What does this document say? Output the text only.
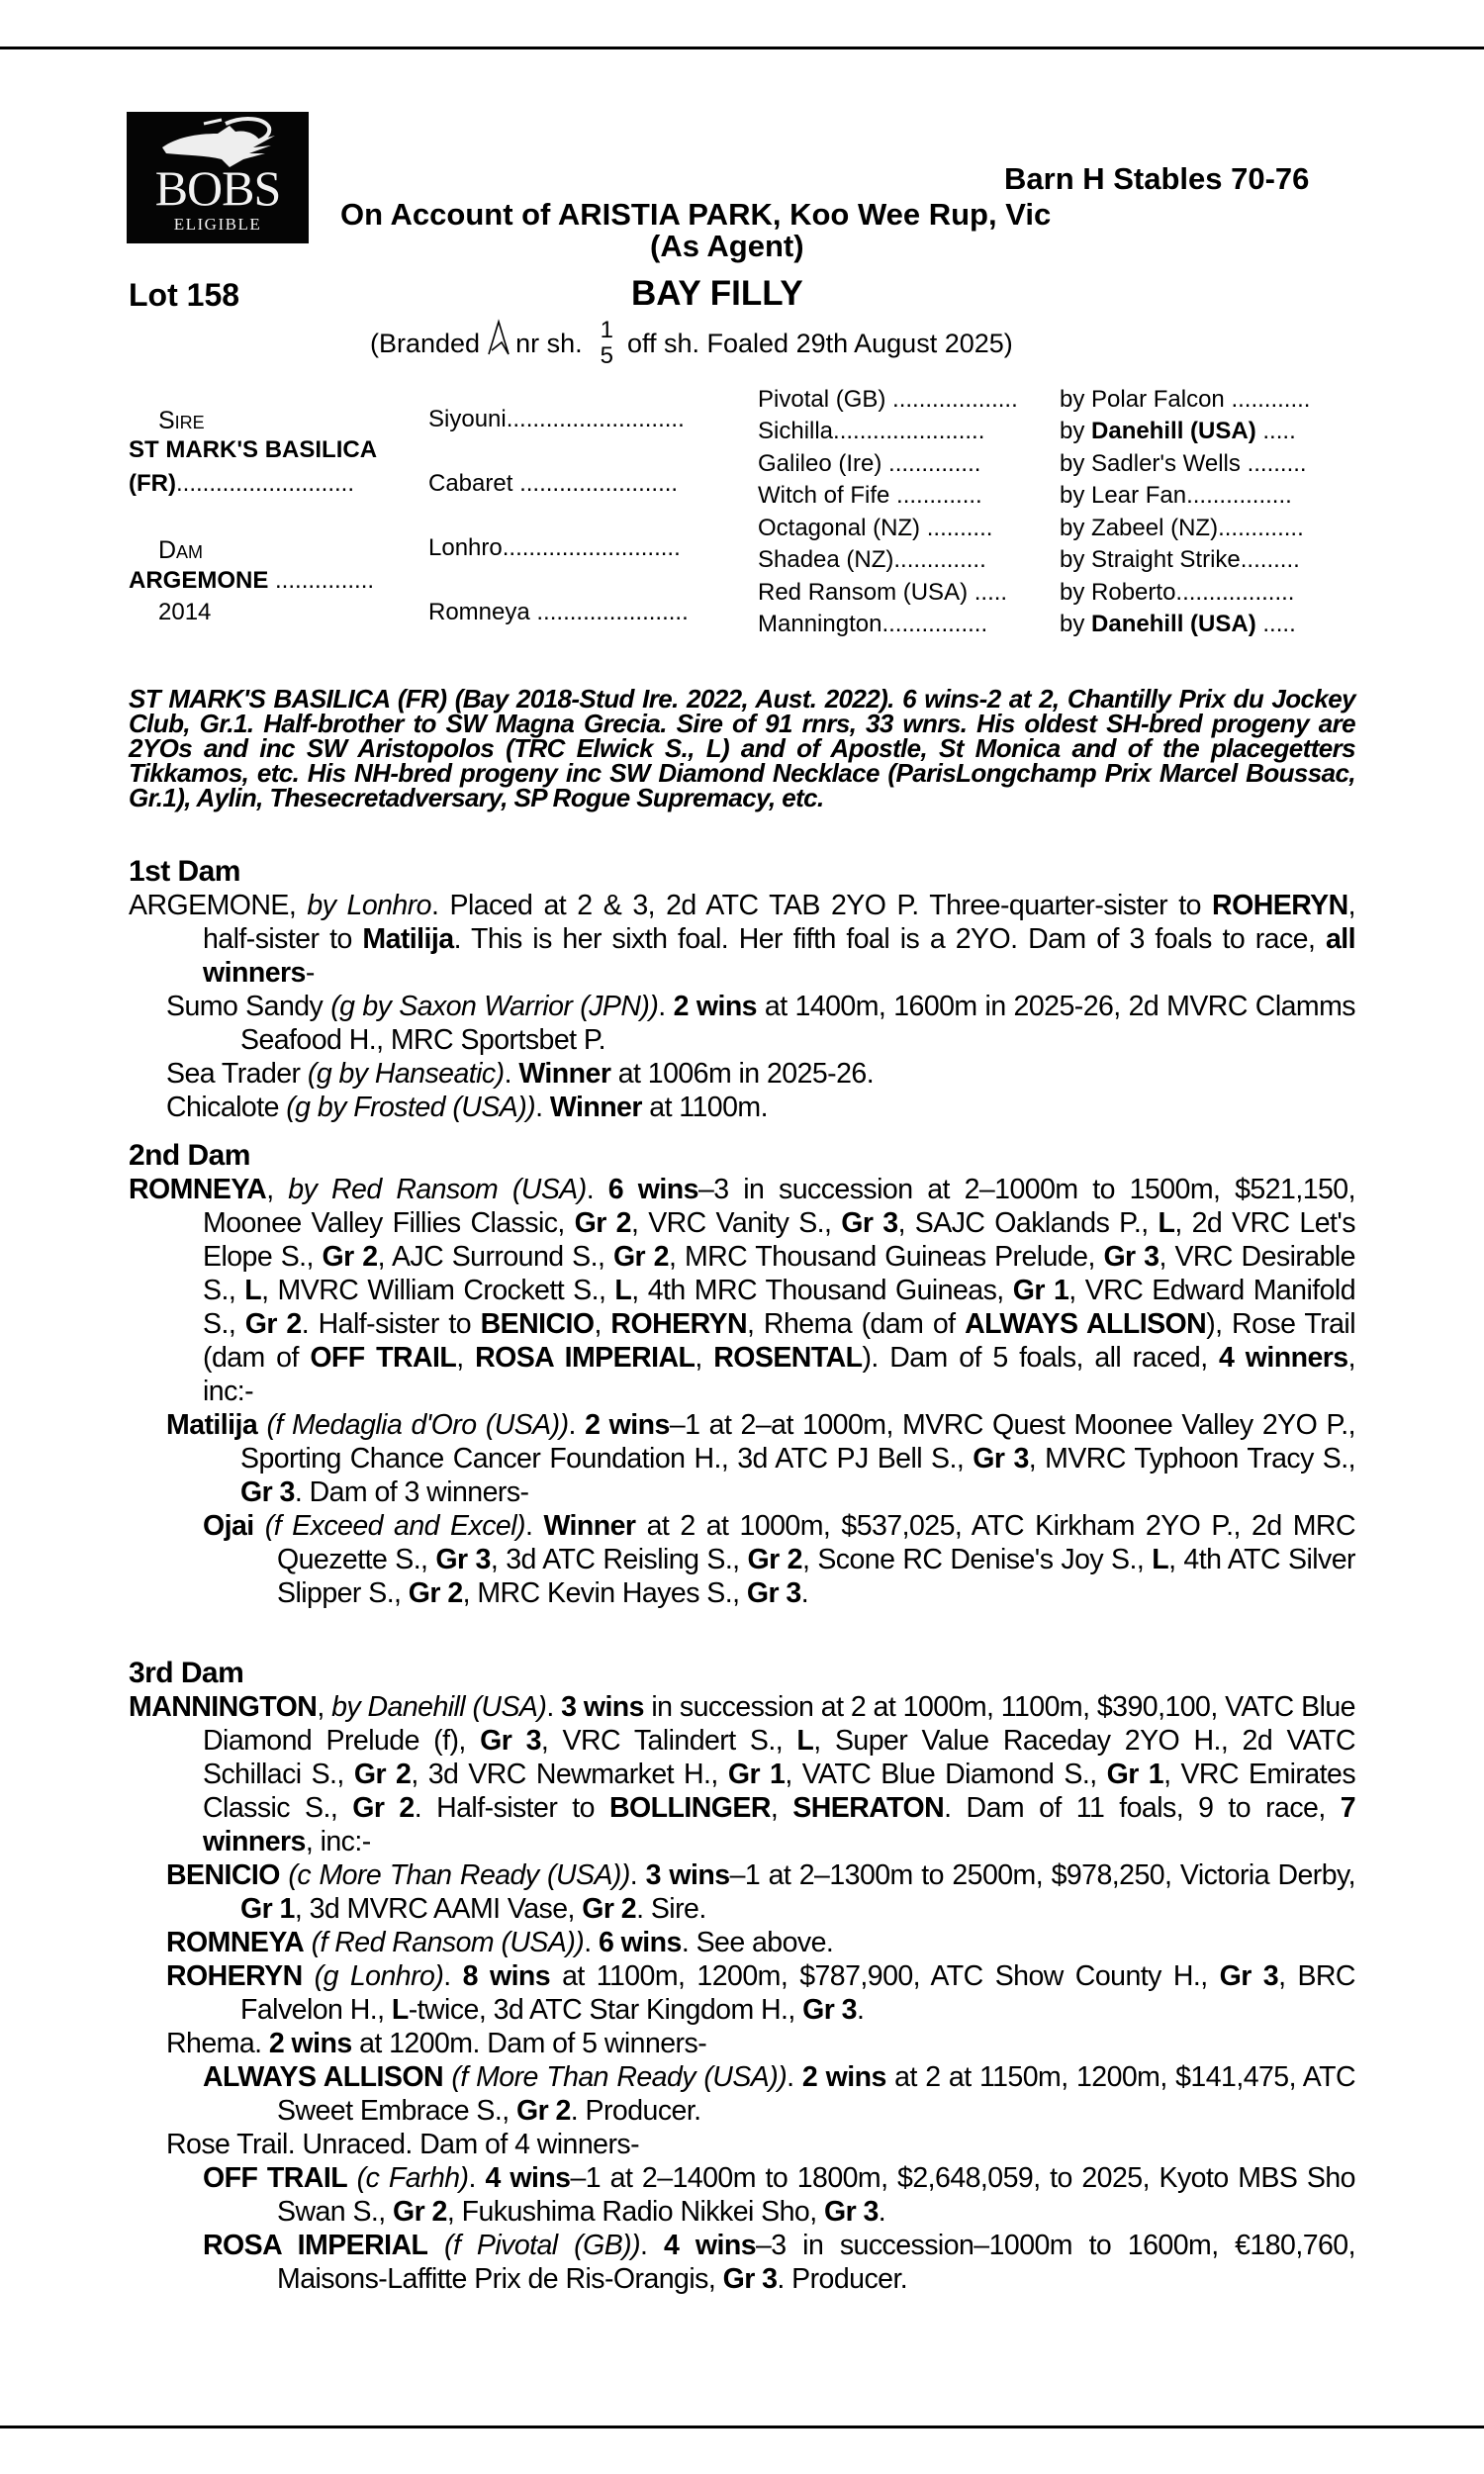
BOBS
ELIGIBLE
Barn H Stables 70-76
On Account of ARISTIA PARK, Koo Wee Rup, Vic
(As Agent)
Lot 158	BAY FILLY
(Branded nr sh. 1
5 off sh. Foaled 29th August 2025)
Sire
ST MARK'S BASILICA
(FR)...........................
Dam
ARGEMONE ...............
2014
Siyouni...........................
Cabaret ........................
Lonhro...........................
Romneya .......................
Pivotal (GB) ...................
Sichilla.......................
Galileo (Ire) ..............
Witch of Fife .............
Octagonal (NZ) ..........
Shadea (NZ)..............
Red Ransom (USA) .....
Mannington................
by Polar Falcon ............
by Danehill (USA) .....
by Sadler's Wells .........
by Lear Fan................
by Zabeel (NZ).............
by Straight Strike.........
by Roberto..................
by Danehill (USA) .....

ST MARK'S BASILICA (FR) (Bay 2018-Stud Ire. 2022, Aust. 2022). 6 wins-2 at 2, Chantilly Prix du Jockey Club, Gr.1. Half-brother to SW Magna Grecia. Sire of 91 rnrs, 33 wnrs. His oldest SH-bred progeny are 2YOs and inc SW Aristopolos (TRC Elwick S., L) and of Apostle, St Monica and of the placegetters Tikkamos, etc. His NH-bred progeny inc SW Diamond Necklace (ParisLongchamp Prix Marcel Boussac, Gr.1), Aylin, Thesecretadversary, SP Rogue Supremacy, etc.

1st Dam

ARGEMONE, by Lonhro. Placed at 2 & 3, 2d ATC TAB 2YO P. Three-quarter-sister to ROHERYN, half-sister to Matilija. This is her sixth foal. Her fifth foal is a 2YO. Dam of 3 foals to race, all winners-

Sumo Sandy (g by Saxon Warrior (JPN)). 2 wins at 1400m, 1600m in 2025-26, 2d MVRC Clamms Seafood H., MRC Sportsbet P.

Sea Trader (g by Hanseatic). Winner at 1006m in 2025-26.

Chicalote (g by Frosted (USA)). Winner at 1100m.

2nd Dam

ROMNEYA, by Red Ransom (USA). 6 wins–3 in succession at 2–1000m to 1500m, $521,150, Moonee Valley Fillies Classic, Gr 2, VRC Vanity S., Gr 3, SAJC Oaklands P., L, 2d VRC Let's Elope S., Gr 2, AJC Surround S., Gr 2, MRC Thousand Guineas Prelude, Gr 3, VRC Desirable S., L, MVRC William Crockett S., L, 4th MRC Thousand Guineas, Gr 1, VRC Edward Manifold S., Gr 2. Half-sister to BENICIO, ROHERYN, Rhema (dam of ALWAYS ALLISON), Rose Trail (dam of OFF TRAIL, ROSA IMPERIAL, ROSENTAL). Dam of 5 foals, all raced, 4 winners, inc:-

Matilija (f Medaglia d'Oro (USA)). 2 wins–1 at 2–at 1000m, MVRC Quest Moonee Valley 2YO P., Sporting Chance Cancer Foundation H., 3d ATC PJ Bell S., Gr 3, MVRC Typhoon Tracy S., Gr 3. Dam of 3 winners-

Ojai (f Exceed and Excel). Winner at 2 at 1000m, $537,025, ATC Kirkham 2YO P., 2d MRC Quezette S., Gr 3, 3d ATC Reisling S., Gr 2, Scone RC Denise's Joy S., L, 4th ATC Silver Slipper S., Gr 2, MRC Kevin Hayes S., Gr 3.

3rd Dam

MANNINGTON, by Danehill (USA). 3 wins in succession at 2 at 1000m, 1100m, $390,100, VATC Blue Diamond Prelude (f), Gr 3, VRC Talindert S., L, Super Value Raceday 2YO H., 2d VATC Schillaci S., Gr 2, 3d VRC Newmarket H., Gr 1, VATC Blue Diamond S., Gr 1, VRC Emirates Classic S., Gr 2. Half-sister to BOLLINGER, SHERATON. Dam of 11 foals, 9 to race, 7 winners, inc:-

BENICIO (c More Than Ready (USA)). 3 wins–1 at 2–1300m to 2500m, $978,250, Victoria Derby, Gr 1, 3d MVRC AAMI Vase, Gr 2. Sire.

ROMNEYA (f Red Ransom (USA)). 6 wins. See above.

ROHERYN (g Lonhro). 8 wins at 1100m, 1200m, $787,900, ATC Show County H., Gr 3, BRC Falvelon H., L-twice, 3d ATC Star Kingdom H., Gr 3.

Rhema. 2 wins at 1200m. Dam of 5 winners-

ALWAYS ALLISON (f More Than Ready (USA)). 2 wins at 2 at 1150m, 1200m, $141,475, ATC Sweet Embrace S., Gr 2. Producer.

Rose Trail. Unraced. Dam of 4 winners-

OFF TRAIL (c Farhh). 4 wins–1 at 2–1400m to 1800m, $2,648,059, to 2025, Kyoto MBS Sho Swan S., Gr 2, Fukushima Radio Nikkei Sho, Gr 3.

ROSA IMPERIAL (f Pivotal (GB)). 4 wins–3 in succession–1000m to 1600m, €180,760, Maisons-Laffitte Prix de Ris-Orangis, Gr 3. Producer.
